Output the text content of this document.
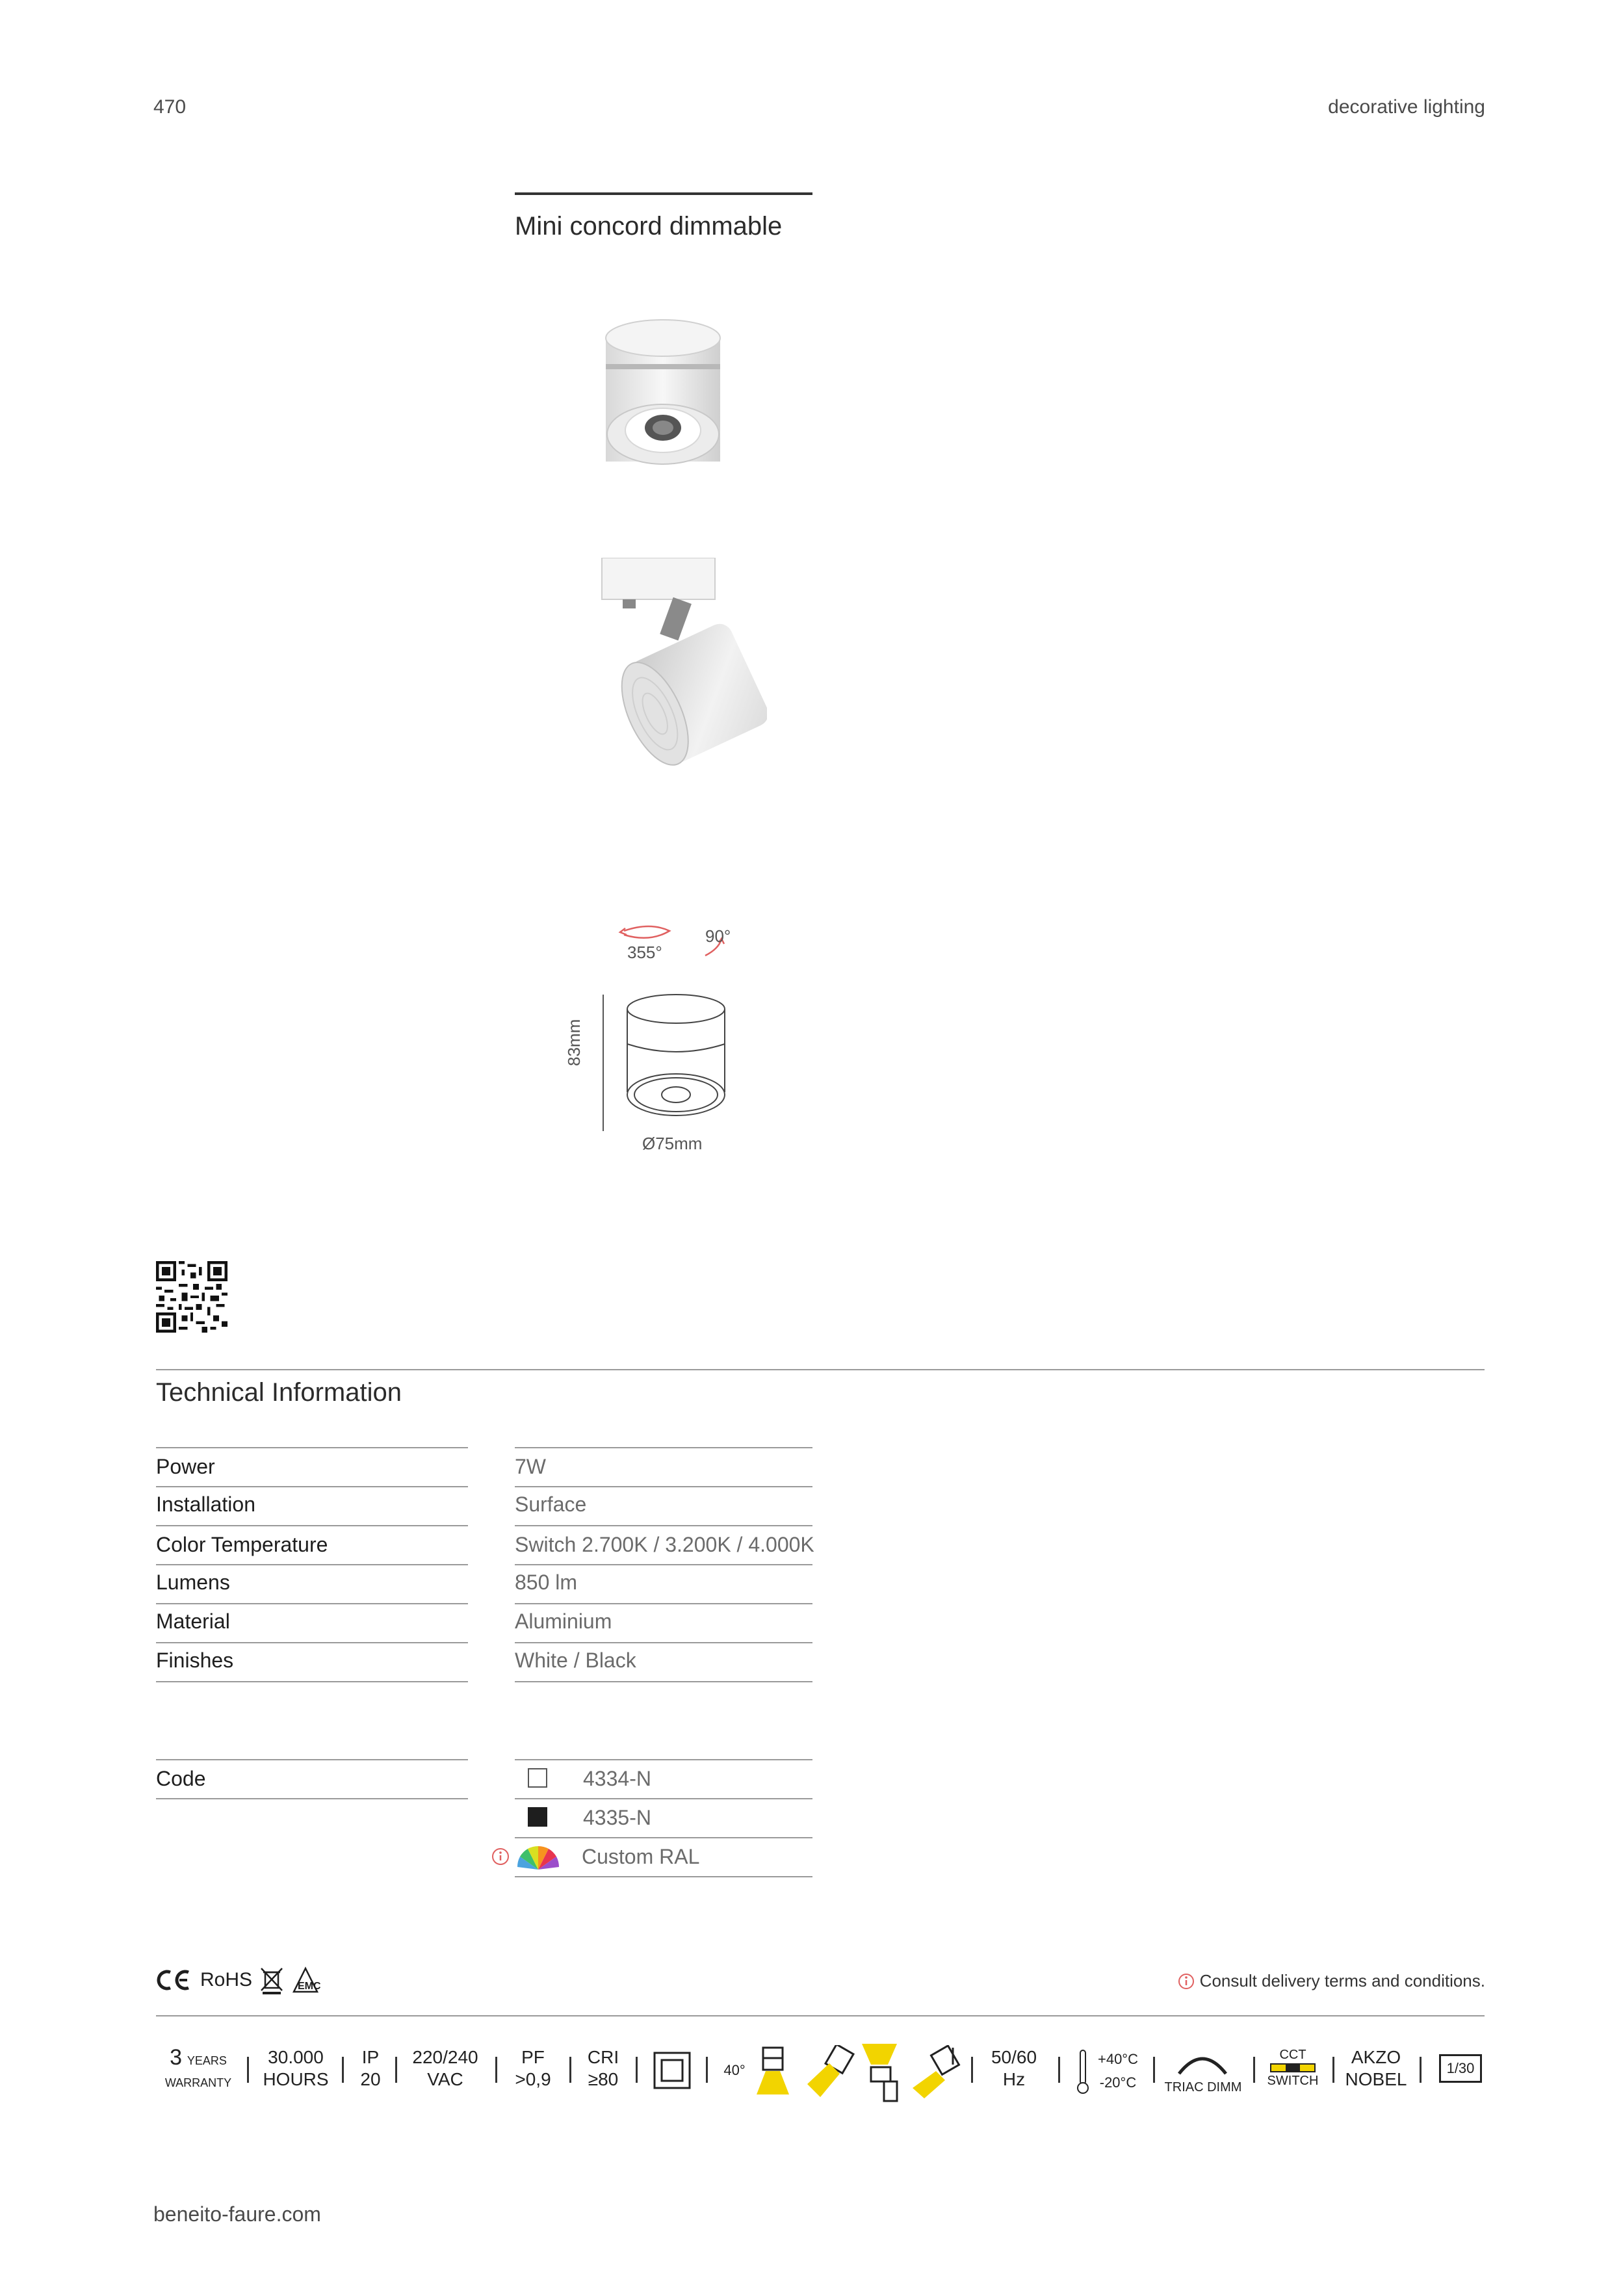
470	decorative lighting
Mini concord dimmable
355°
90°
83mm
Ø75mm
Technical Information
Power	7W
Installation	Surface
Color Temperature	Switch 2.700K / 3.200K / 4.000K
Lumens	850 lm
Material	Aluminium
Finishes	White / Black
Code	4334-N
4335-N
Custom RAL
RoHS	EMC	Consult delivery terms and conditions.
3 YEARS
WARRANTY
30.000
HOURS
IP
20
220/240
VAC
PF
>0,9
CRI
≥80	40°
50/60
Hz
+40°C
-20°C	TRIAC DIMM
CCT
SWITCH
AKZO
NOBEL
1/30
beneito-faure.com
